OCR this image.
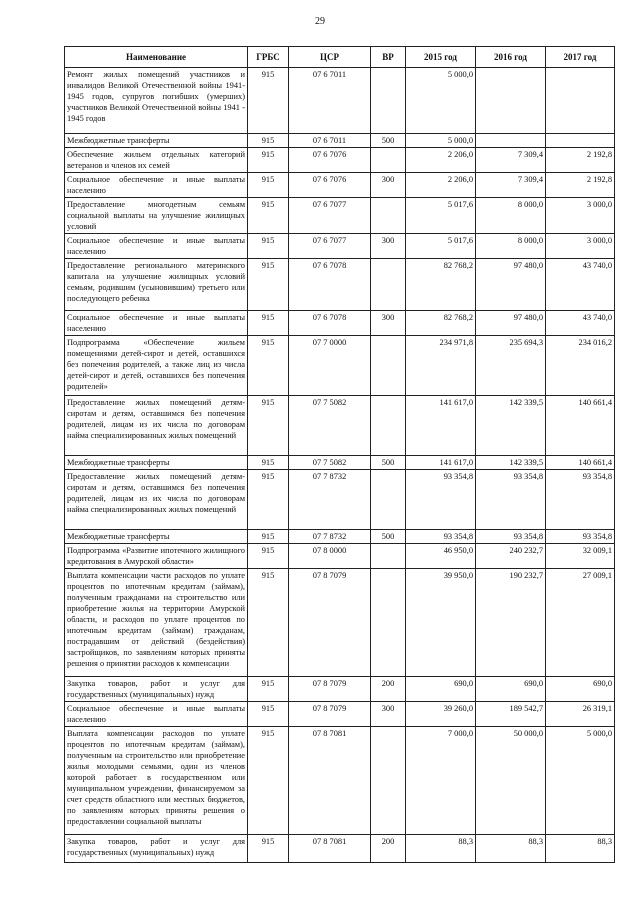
29
Наименование	ГРБС	ЦСР	ВР	2015 год	2016 год	2017 год
Ремонт жилых помещений участников и инвалидов Великой Отечественной войны 1941-1945 годов, супругов погибших (умерших) участников Великой Отечественной войны 1941 - 1945 годов	915	07 6 7011		5 000,0		
Межбюджетные трансферты	915	07 6 7011	500	5 000,0		
Обеспечение жильем отдельных категорий ветеранов и членов их семей	915	07 6 7076		2 206,0	7 309,4	2 192,8
Социальное обеспечение и иные выплаты населению	915	07 6 7076	300	2 206,0	7 309,4	2 192,8
Предоставление многодетным семьям социальной выплаты на улучшение жилищных условий	915	07 6 7077		5 017,6	8 000,0	3 000,0
Социальное обеспечение и иные выплаты населению	915	07 6 7077	300	5 017,6	8 000,0	3 000,0
Предоставление регионального материнского капитала на улучшение жилищных условий семьям, родившим (усыновившим) третьего или последующего ребенка	915	07 6 7078		82 768,2	97 480,0	43 740,0
Социальное обеспечение и иные выплаты населению	915	07 6 7078	300	82 768,2	97 480,0	43 740,0
Подпрограмма «Обеспечение жильем помещениями детей-сирот и детей, оставшихся без попечения родителей, а также лиц из числа детей-сирот и детей, оставшихся без попечения родителей»	915	07 7 0000		234 971,8	235 694,3	234 016,2
Предоставление жилых помещений детям-сиротам и детям, оставшимся без попечения родителей, лицам из их числа по договорам найма специализированных жилых помещений	915	07 7 5082		141 617,0	142 339,5	140 661,4
Межбюджетные трансферты	915	07 7 5082	500	141 617,0	142 339,5	140 661,4
Предоставление жилых помещений детям-сиротам и детям, оставшимся без попечения родителей, лицам из их числа по договорам найма специализированных жилых помещений	915	07 7 8732		93 354,8	93 354,8	93 354,8
Межбюджетные трансферты	915	07 7 8732	500	93 354,8	93 354,8	93 354,8
Подпрограмма «Развитие ипотечного жилищного кредитования в Амурской области»	915	07 8 0000		46 950,0	240 232,7	32 009,1
Выплата компенсации части расходов по уплате процентов по ипотечным кредитам (займам), полученным гражданами на строительство или приобретение жилья на территории Амурской области, и расходов по уплате процентов по ипотечным кредитам (займам) гражданам, пострадавшим от действий (бездействия) застройщиков, по заявлениям которых приняты решения о принятии расходов к компенсации	915	07 8 7079		39 950,0	190 232,7	27 009,1
Закупка товаров, работ и услуг для государственных (муниципальных) нужд	915	07 8 7079	200	690,0	690,0	690,0
Социальное обеспечение и иные выплаты населению	915	07 8 7079	300	39 260,0	189 542,7	26 319,1
Выплата компенсации расходов по уплате процентов по ипотечным кредитам (займам), полученным на строительство или приобретение жилья молодыми семьями, один из членов которой работает в государственном или муниципальном учреждении, финансируемом за счет средств областного или местных бюджетов, по заявлениям которых приняты решения о предоставлении социальной выплаты	915	07 8 7081		7 000,0	50 000,0	5 000,0
Закупка товаров, работ и услуг для государственных (муниципальных) нужд	915	07 8 7081	200	88,3	88,3	88,3
